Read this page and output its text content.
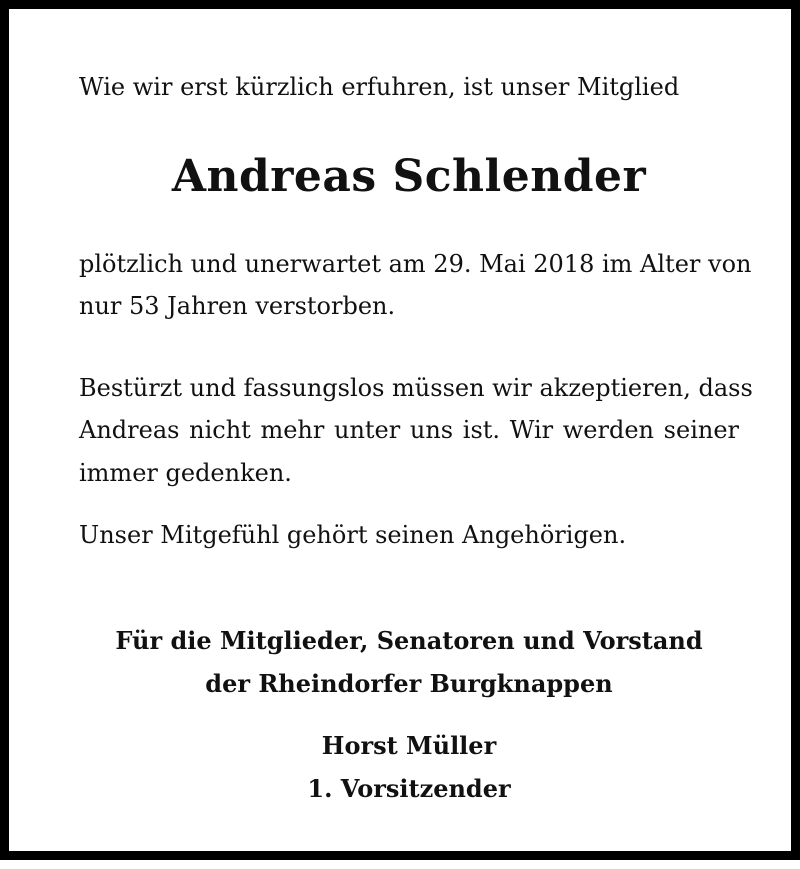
Wie wir erst kürzlich erfuhren, ist unser Mitglied

Andreas Schlender

plötzlich und unerwartet am 29. Mai 2018 im Alter von

nur 53 Jahren verstorben.

Bestürzt und fassungslos müssen wir akzeptieren, dass

Andreas nicht mehr unter uns ist. Wir werden seiner

immer gedenken.

Unser Mitgefühl gehört seinen Angehörigen.

Für die Mitglieder, Senatoren und Vorstand

der Rheindorfer Burgknappen

Horst Müller

1. Vorsitzender
